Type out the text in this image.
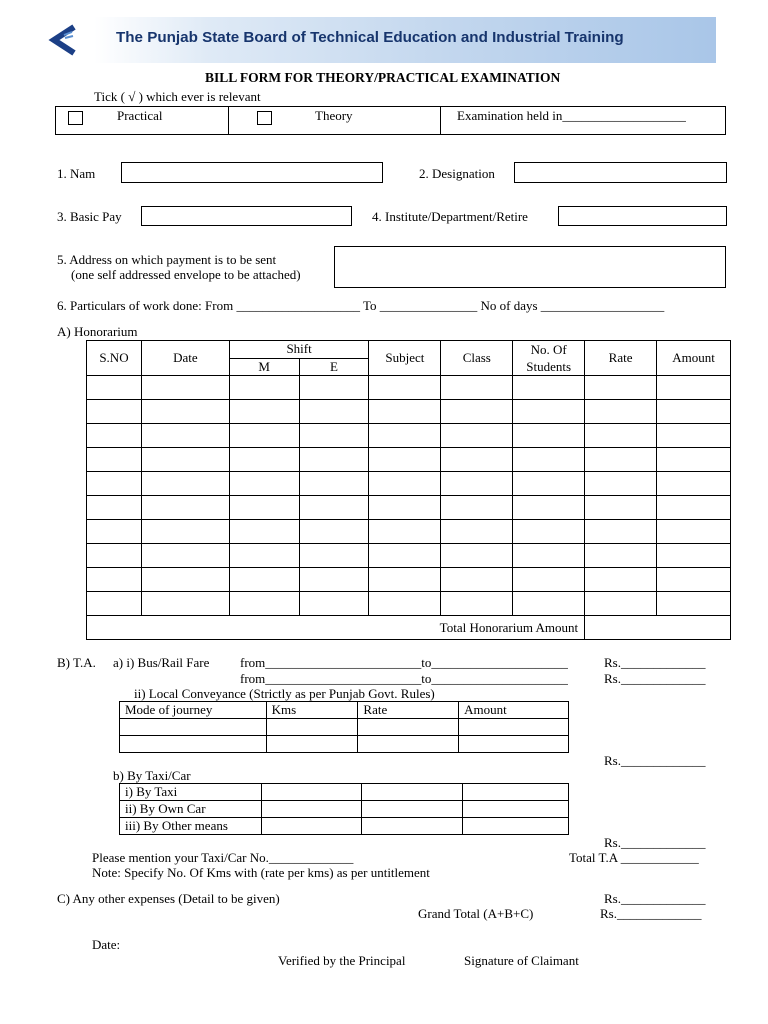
The Punjab State Board of Technical Education and Industrial Training
BILL FORM FOR THEORY/PRACTICAL EXAMINATION
Tick ( √ ) which ever is relevant
Practical	Theory	Examination held in___________________
1. Nam	2. Designation
3. Basic Pay	4. Institute/Department/Retire
5. Address on which payment is to be sent
(one self addressed envelope to be attached)
6. Particulars of work done: From ___________________ To _______________ No of days ___________________
A) Honorarium
S.NO	Date	Shift		Subject	Class	No. Of Students	Rate	Amount
		M	E					

Total Honorarium Amount								
B) T.A. a) i) Bus/Rail Fare from________________________to_____________________	Rs._____________
from________________________to_____________________	Rs._____________
ii) Local Conveyance (Strictly as per Punjab Govt. Rules)
Mode of journey	Kms	Rate	Amount

Rs._____________
b) By Taxi/Car
i) By Taxi			
ii) By Own Car			
iii) By Other means			
Rs._____________
Please mention your Taxi/Car No._____________	Total T.A ____________
Note: Specify No. Of Kms with (rate per kms) as per untitlement
C) Any other expenses (Detail to be given)	Rs._____________
Grand Total (A+B+C)	Rs._____________
Date:
Verified by the Principal	Signature of Claimant
